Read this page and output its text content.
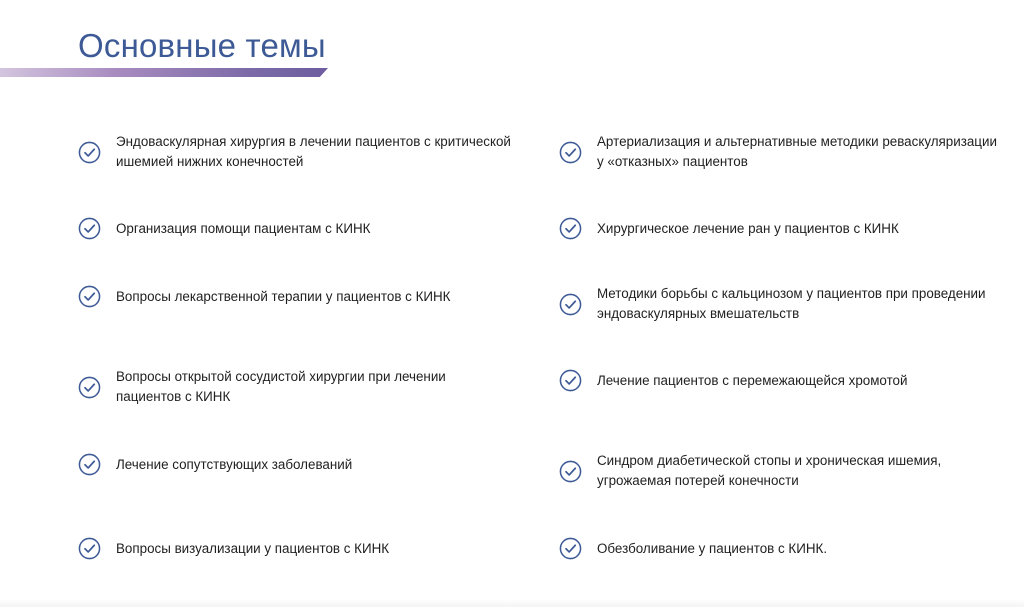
Основные темы
Эндоваскулярная хирургия в лечении пациентов с критической
ишемией нижних конечностей
Организация помощи пациентам с КИНК
Вопросы лекарственной терапии у пациентов с КИНК
Вопросы открытой сосудистой хирургии при лечении
пациентов с КИНК
Лечение сопутствующих заболеваний
Вопросы визуализации у пациентов с КИНК
Артериализация и альтернативные методики реваскуляризации
у «отказных» пациентов
Хирургическое лечение ран у пациентов с КИНК
Методики борьбы с кальцинозом у пациентов при проведении
эндоваскулярных вмешательств
Лечение пациентов с перемежающейся хромотой
Синдром диабетической стопы и хроническая ишемия,
угрожаемая потерей конечности
Обезболивание у пациентов с КИНК.
